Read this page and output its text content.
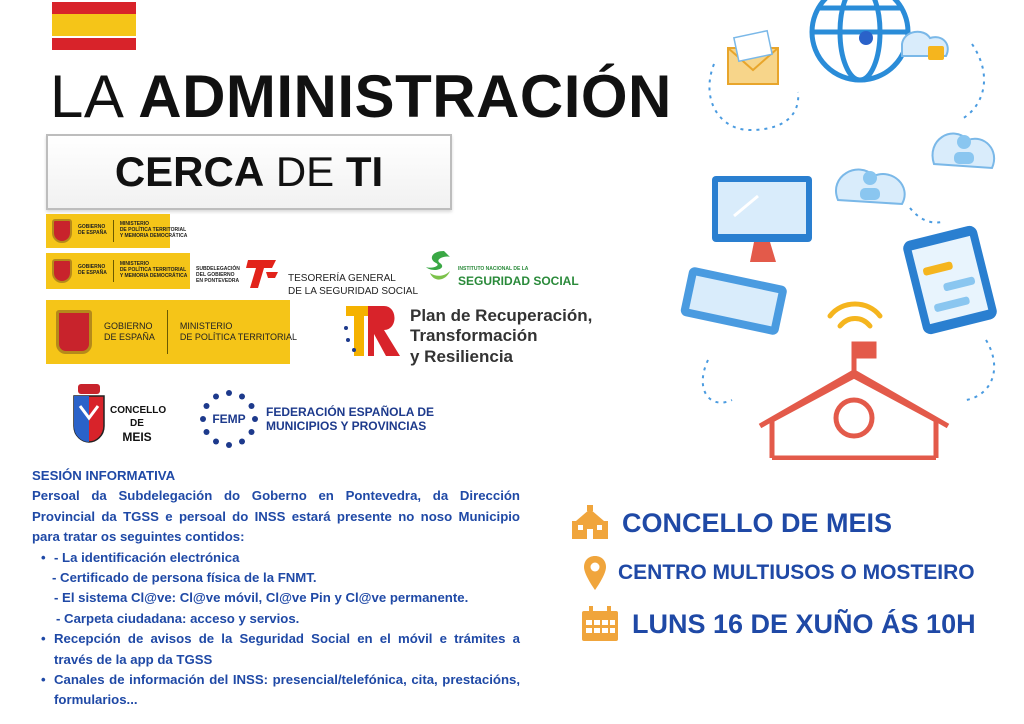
LA ADMINISTRACIÓN
CERCA DE TI
GOBIERNO
DE ESPAÑA
MINISTERIO
DE POLÍTICA TERRITORIAL
Y MEMORIA DEMOCRÁTICA
GOBIERNO
DE ESPAÑA
MINISTERIO
DE POLÍTICA TERRITORIAL
Y MEMORIA DEMOCRÁTICA
SUBDELEGACIÓN
DEL GOBIERNO
EN PONTEVEDRA	TESORERÍA GENERAL
DE LA SEGURIDAD SOCIAL
INSTITUTO NACIONAL DE LA
SEGURIDAD SOCIAL
GOBIERNO
DE ESPAÑA
MINISTERIO
DE POLÍTICA TERRITORIAL
Plan de Recuperación,
Transformación
y Resiliencia
CONCELLO
DE
MEIS
FEMP FEDERACIÓN ESPAÑOLA DE
MUNICIPIOS Y PROVINCIAS
SESIÓN INFORMATIVA
Persoal da Subdelegación do Goberno en Pontevedra, da Dirección Provincial da TGSS e persoal do INSS estará presente no noso Municipio para tratar os seguintes contidos:
• - La identificación electrónica
- Certificado de persona física de la FNMT.
- El sistema Cl@ve: Cl@ve móvil, Cl@ve Pin y Cl@ve permanente.
- Carpeta ciudadana: acceso y servios.
• Recepción de avisos de la Seguridad Social en el móvil e trámites a través de la app da TGSS
• Canales de información del INSS: presencial/telefónica, cita, prestacións, formularios...
CONCELLO DE MEIS
CENTRO MULTIUSOS O MOSTEIRO
LUNS 16 DE XUÑO ÁS 10H
